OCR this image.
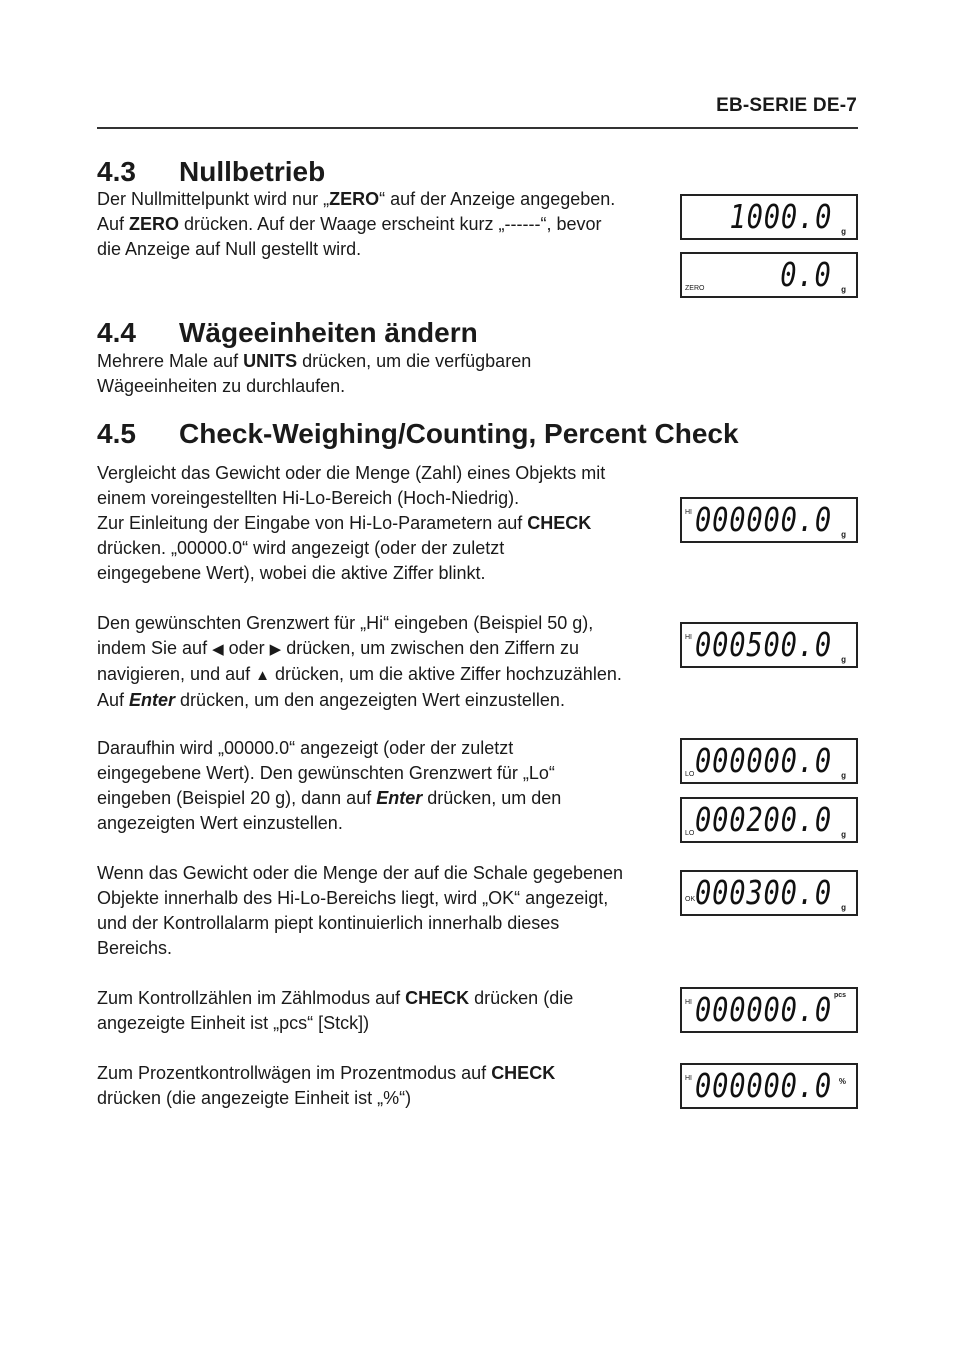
EB-SERIE DE-7
4.3 Nullbetrieb

Der Nullmittelpunkt wird nur „ZERO“ auf der Anzeige angegeben.
Auf ZERO drücken. Auf der Waage erscheint kurz „------“, bevor
die Anzeige auf Null gestellt wird.

4.4 Wägeeinheiten ändern

Mehrere Male auf UNITS drücken, um die verfügbaren
Wägeeinheiten zu durchlaufen.

4.5 Check-Weighing/Counting, Percent Check

Vergleicht das Gewicht oder die Menge (Zahl) eines Objekts mit
einem voreingestellten Hi-Lo-Bereich (Hoch-Niedrig).
Zur Einleitung der Eingabe von Hi-Lo-Parametern auf CHECK
drücken. „00000.0“ wird angezeigt (oder der zuletzt
eingegebene Wert), wobei die aktive Ziffer blinkt.

Den gewünschten Grenzwert für „Hi“ eingeben (Beispiel 50 g),
indem Sie auf ◀ oder ▶ drücken, um zwischen den Ziffern zu
navigieren, und auf ▲ drücken, um die aktive Ziffer hochzuzählen.
Auf Enter drücken, um den angezeigten Wert einzustellen.

Daraufhin wird „00000.0“ angezeigt (oder der zuletzt
eingegebene Wert). Den gewünschten Grenzwert für „Lo“
eingeben (Beispiel 20 g), dann auf Enter drücken, um den
angezeigten Wert einzustellen.

Wenn das Gewicht oder die Menge der auf die Schale gegebenen
Objekte innerhalb des Hi-Lo-Bereichs liegt, wird „OK“ angezeigt,
und der Kontrollalarm piept kontinuierlich innerhalb dieses
Bereichs.

Zum Kontrollzählen im Zählmodus auf CHECK drücken (die
angezeigte Einheit ist „pcs“ [Stck])

Zum Prozentkontrollwägen im Prozentmodus auf CHECK
drücken (die angezeigte Einheit ist „%“)

1000.0 g
ZERO 0.0 g
HI 000000.0 g
HI 000500.0 g
LO 000000.0 g
LO 000200.0 g
OK 000300.0 g
HI 000000.0 pcs
HI 000000.0 %
